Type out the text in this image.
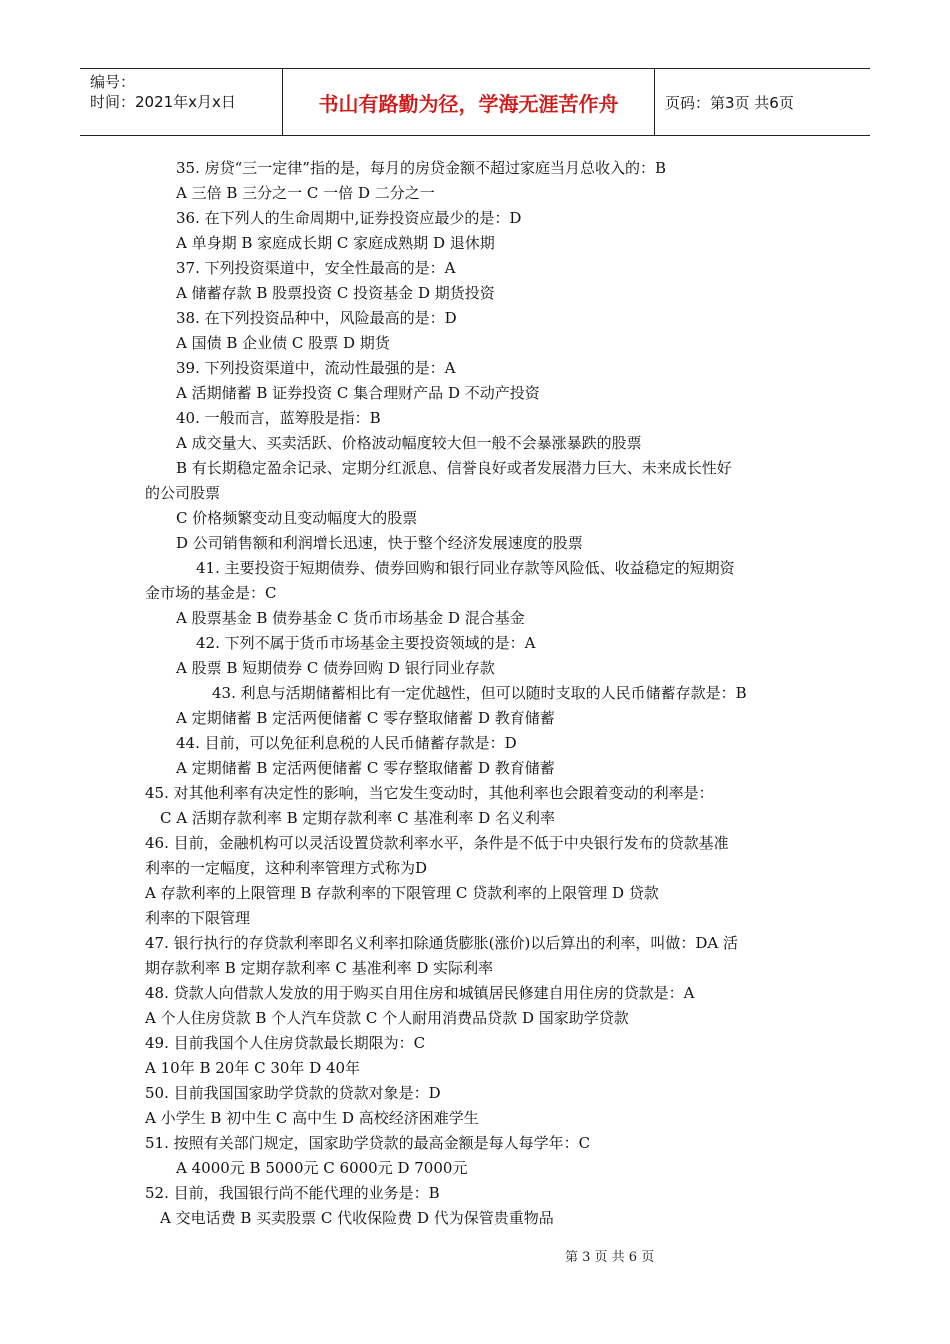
编号：
时间：2021年x月x日	书山有路勤为径，学海无涯苦作舟	页码：第3页 共6页
35. 房贷“三一定律”指的是，每月的房贷金额不超过家庭当月总收入的：B
A 三倍 B 三分之一 C 一倍 D 二分之一
36. 在下列人的生命周期中,证券投资应最少的是：D
A 单身期 B 家庭成长期 C 家庭成熟期 D 退休期
37. 下列投资渠道中，安全性最高的是：A
A 储蓄存款 B 股票投资 C 投资基金 D 期货投资
38. 在下列投资品种中，风险最高的是：D
A 国债 B 企业债 C 股票 D 期货
39. 下列投资渠道中，流动性最强的是：A
A 活期储蓄 B 证券投资 C 集合理财产品 D 不动产投资
40. 一般而言，蓝筹股是指：B
A 成交量大、买卖活跃、价格波动幅度较大但一般不会暴涨暴跌的股票
B 有长期稳定盈余记录、定期分红派息、信誉良好或者发展潜力巨大、未来成长性好
的公司股票
C 价格频繁变动且变动幅度大的股票
D 公司销售额和利润增长迅速，快于整个经济发展速度的股票
41. 主要投资于短期债券、债券回购和银行同业存款等风险低、收益稳定的短期资
金市场的基金是：C
A 股票基金 B 债券基金 C 货币市场基金 D 混合基金
42. 下列不属于货币市场基金主要投资领域的是：A
A 股票 B 短期债券 C 债券回购 D 银行同业存款
43. 利息与活期储蓄相比有一定优越性，但可以随时支取的人民币储蓄存款是：B
A 定期储蓄 B 定活两便储蓄 C 零存整取储蓄 D 教育储蓄
44. 目前，可以免征利息税的人民币储蓄存款是：D
A 定期储蓄 B 定活两便储蓄 C 零存整取储蓄 D 教育储蓄
45. 对其他利率有决定性的影响，当它发生变动时，其他利率也会跟着变动的利率是：
C A 活期存款利率 B 定期存款利率 C 基准利率 D 名义利率
46. 目前，金融机构可以灵活设置贷款利率水平，条件是不低于中央银行发布的贷款基准
利率的一定幅度，这种利率管理方式称为D
A 存款利率的上限管理 B 存款利率的下限管理 C 贷款利率的上限管理 D 贷款
利率的下限管理
47. 银行执行的存贷款利率即名义利率扣除通货膨胀(涨价)以后算出的利率，叫做：DA 活
期存款利率 B 定期存款利率 C 基准利率 D 实际利率
48. 贷款人向借款人发放的用于购买自用住房和城镇居民修建自用住房的贷款是：A
A 个人住房贷款 B 个人汽车贷款 C 个人耐用消费品贷款 D 国家助学贷款
49. 目前我国个人住房贷款最长期限为：C
A 10年 B 20年 C 30年 D 40年
50. 目前我国国家助学贷款的贷款对象是：D
A 小学生 B 初中生 C 高中生 D 高校经济困难学生
51. 按照有关部门规定，国家助学贷款的最高金额是每人每学年：C
A 4000元 B 5000元 C 6000元 D 7000元
52. 目前，我国银行尚不能代理的业务是：B
A 交电话费 B 买卖股票 C 代收保险费 D 代为保管贵重物品
第 3 页 共 6 页
